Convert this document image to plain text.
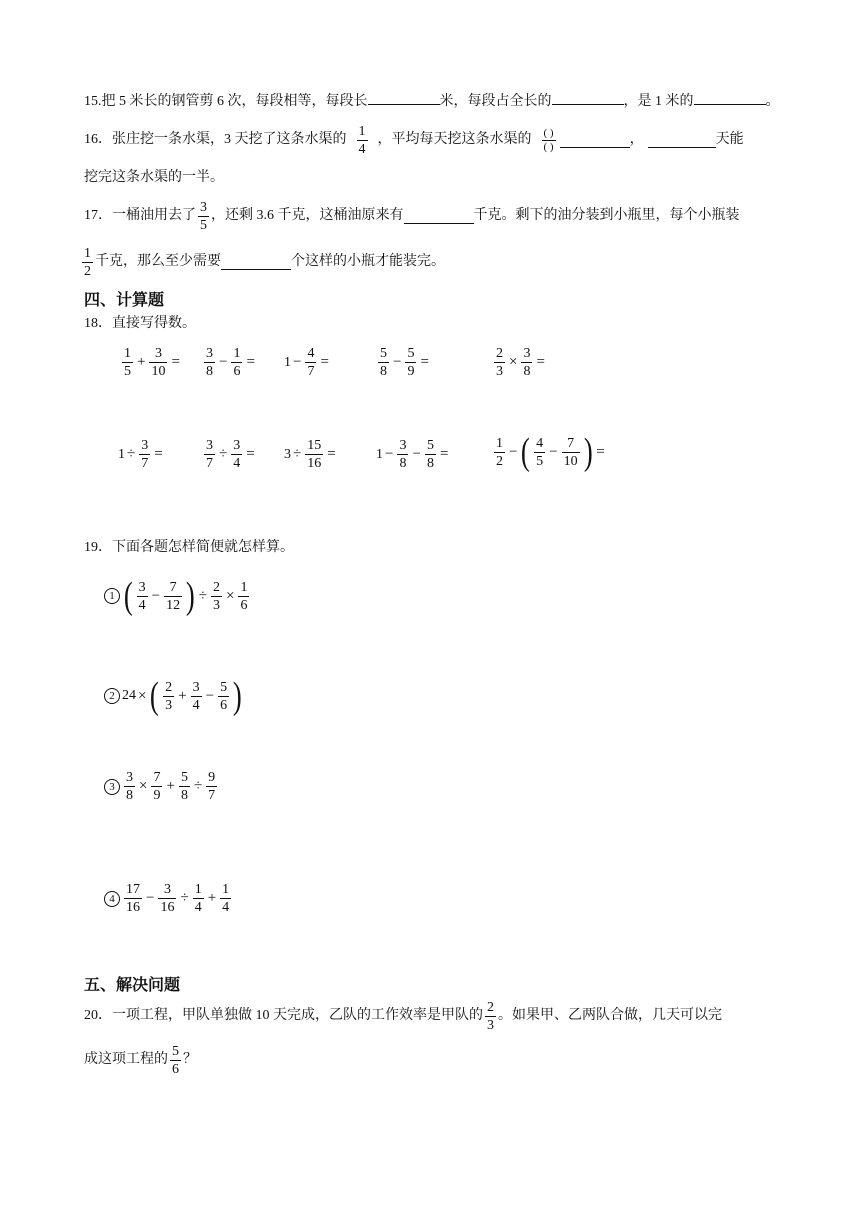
15.把 5 米长的钢管剪 6 次，每段相等，每段长	米，每段占全长的	，是 1 米的	。
16． 张庄挖一条水渠，3 天挖了这条水渠的 $\frac{1}{4}$ ，平均每天挖这条水渠的 $\frac{( )}{( )}$	，	天能
挖完这条水渠的一半。
17． 一桶油用去了 $\frac{3}{5}$ ，还剩 3.6 千克，这桶油原来有	千克。剩下的油分装到小瓶里，每个小瓶装
$\frac{1}{2}$ 千克，那么至少需要	个这样的小瓶才能装完。
四、计算题
18．直接写得数。
$\frac{1}{5} + \frac{3}{10} = \frac{3}{8} - \frac{1}{6} = 1 - \frac{4}{7}$ =	$\frac{5}{8} - \frac{5}{9}$ =	$\frac{2}{3} \times \frac{3}{8}$ =
$1 \div \frac{3}{7}$ =	$\frac{3}{7} \div \frac{3}{4} = 3 \div \frac{15}{16}$ =	$1 - \frac{3}{8} - \frac{5}{8}$ =	$\frac{1}{2}$ − ( $\frac{4}{5} - \frac{7}{10}$ ) =
19．下面各题怎样简便就怎样算。
1 ( $\frac{3}{4} - \frac{7}{12}$ ) ÷ $\frac{2}{3} \times \frac{1}{6}$
2 24 × ( $\frac{2}{3} + \frac{3}{4} - \frac{5}{6}$ )
$3 \frac{3}{8} \times \frac{7}{9} + \frac{5}{8} \div \frac{9}{7}$
$4 \frac{17}{16} - \frac{3}{16} \div \frac{1}{4} + \frac{1}{4}$
五、解决问题
20． 一项工程，甲队单独做 10 天完成，乙队的工作效率是甲队的 $\frac{2}{3}$ 。如果甲、乙两队合做，几天可以完
成这项工程的 $\frac{5}{6}$ ？
